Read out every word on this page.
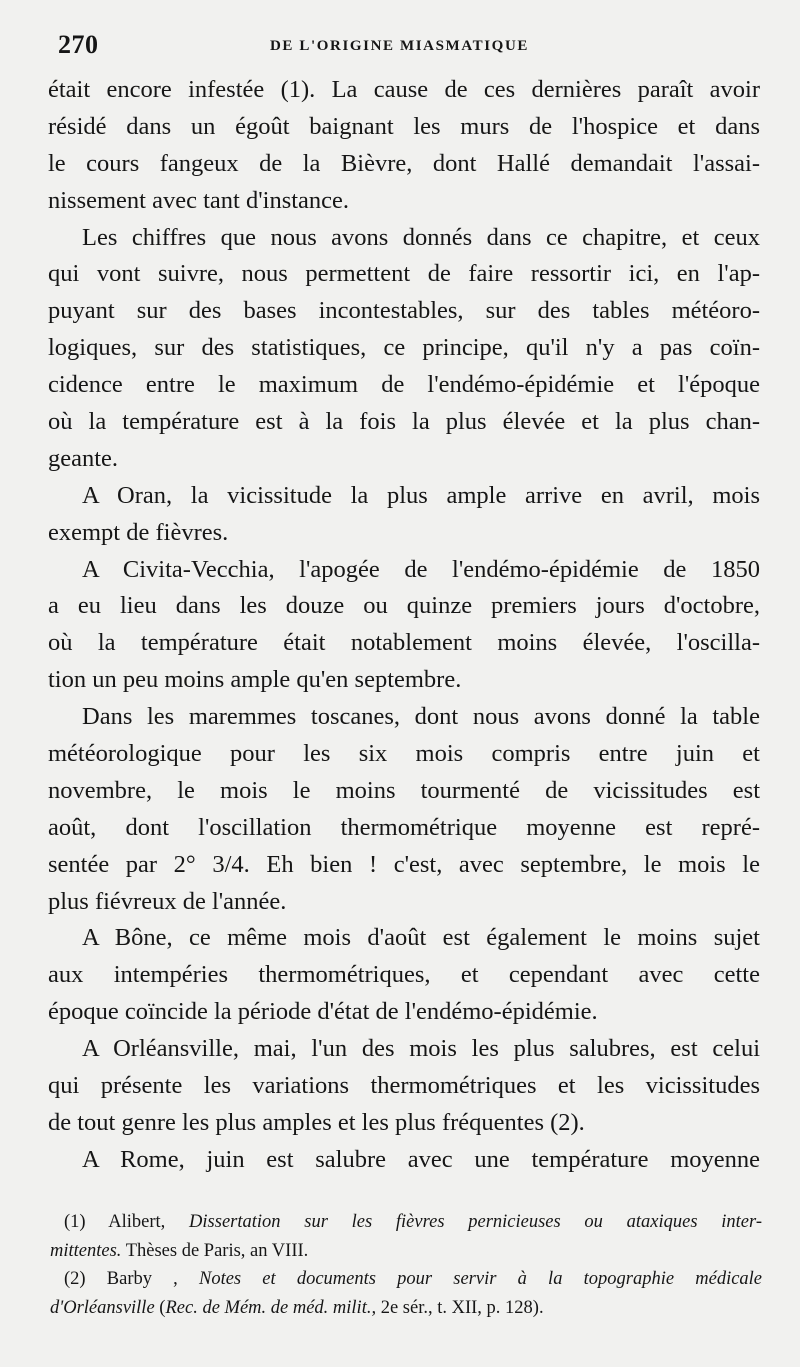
270	DE L'ORIGINE MIASMATIQUE
était encore infestée (1). La cause de ces dernières paraît avoir
résidé dans un égoût baignant les murs de l'hospice et dans
le cours fangeux de la Bièvre, dont Hallé demandait l'assai-
nissement avec tant d'instance.
Les chiffres que nous avons donnés dans ce chapitre, et ceux
qui vont suivre, nous permettent de faire ressortir ici, en l'ap-
puyant sur des bases incontestables, sur des tables météoro-
logiques, sur des statistiques, ce principe, qu'il n'y a pas coïn-
cidence entre le maximum de l'endémo-épidémie et l'époque
où la température est à la fois la plus élevée et la plus chan-
geante.
A Oran, la vicissitude la plus ample arrive en avril, mois
exempt de fièvres.
A Civita-Vecchia, l'apogée de l'endémo-épidémie de 1850
a eu lieu dans les douze ou quinze premiers jours d'octobre,
où la température était notablement moins élevée, l'oscilla-
tion un peu moins ample qu'en septembre.
Dans les maremmes toscanes, dont nous avons donné la table
météorologique pour les six mois compris entre juin et
novembre, le mois le moins tourmenté de vicissitudes est
août, dont l'oscillation thermométrique moyenne est repré-
sentée par 2° 3/4. Eh bien ! c'est, avec septembre, le mois le
plus fiévreux de l'année.
A Bône, ce même mois d'août est également le moins sujet
aux intempéries thermométriques, et cependant avec cette
époque coïncide la période d'état de l'endémo-épidémie.
A Orléansville, mai, l'un des mois les plus salubres, est celui
qui présente les variations thermométriques et les vicissitudes
de tout genre les plus amples et les plus fréquentes (2).
A Rome, juin est salubre avec une température moyenne
(1) Alibert, Dissertation sur les fièvres pernicieuses ou ataxiques inter-
mittentes. Thèses de Paris, an VIII.
(2) Barby , Notes et documents pour servir à la topographie médicale
d'Orléansville (Rec. de Mém. de méd. milit., 2e sér., t. XII, p. 128).
